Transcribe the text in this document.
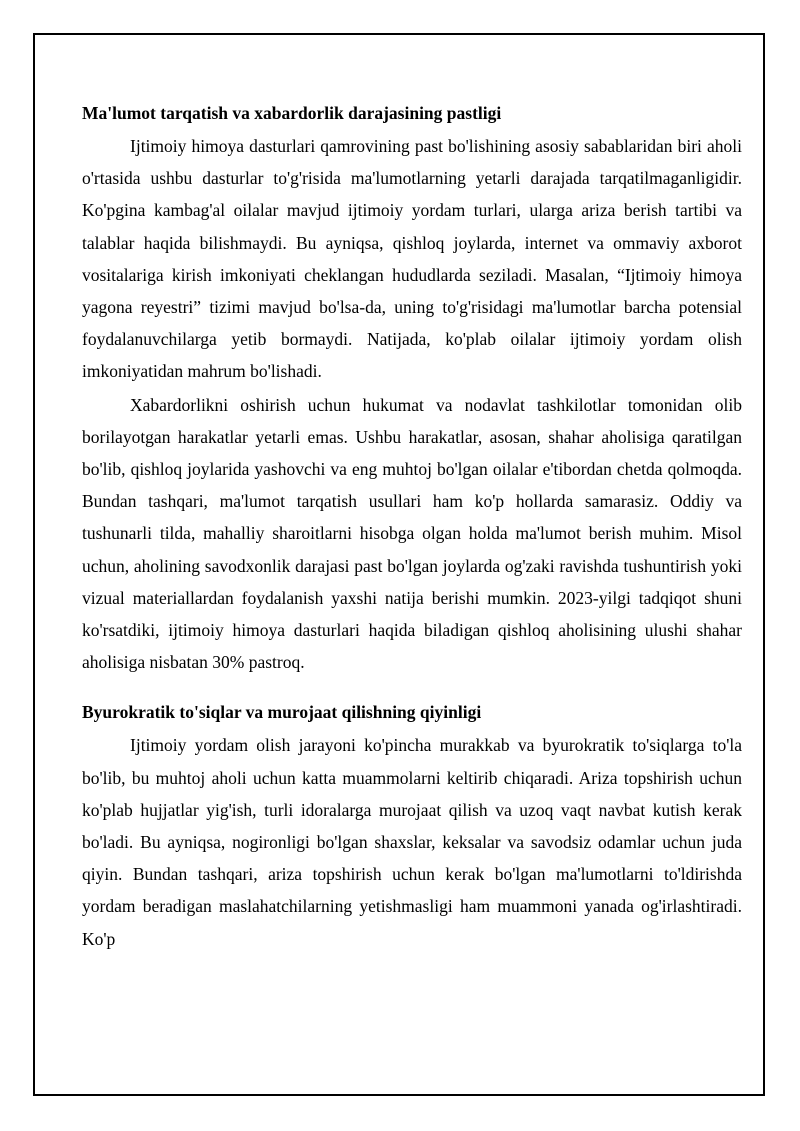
Ma'lumot tarqatish va xabardorlik darajasining pastligi

Ijtimoiy himoya dasturlari qamrovining past bo'lishining asosiy sabablaridan biri aholi o'rtasida ushbu dasturlar to'g'risida ma'lumotlarning yetarli darajada tarqatilmaganligidir. Ko'pgina kambag'al oilalar mavjud ijtimoiy yordam turlari, ularga ariza berish tartibi va talablar haqida bilishmaydi. Bu ayniqsa, qishloq joylarda, internet va ommaviy axborot vositalariga kirish imkoniyati cheklangan hududlarda seziladi. Masalan, “Ijtimoiy himoya yagona reyestri” tizimi mavjud bo'lsa-da, uning to'g'risidagi ma'lumotlar barcha potensial foydalanuvchilarga yetib bormaydi. Natijada, ko'plab oilalar ijtimoiy yordam olish imkoniyatidan mahrum bo'lishadi.

Xabardorlikni oshirish uchun hukumat va nodavlat tashkilotlar tomonidan olib borilayotgan harakatlar yetarli emas. Ushbu harakatlar, asosan, shahar aholisiga qaratilgan bo'lib, qishloq joylarida yashovchi va eng muhtoj bo'lgan oilalar e'tibordan chetda qolmoqda. Bundan tashqari, ma'lumot tarqatish usullari ham ko'p hollarda samarasiz. Oddiy va tushunarli tilda, mahalliy sharoitlarni hisobga olgan holda ma'lumot berish muhim. Misol uchun, aholining savodxonlik darajasi past bo'lgan joylarda og'zaki ravishda tushuntirish yoki vizual materiallardan foydalanish yaxshi natija berishi mumkin. 2023-yilgi tadqiqot shuni ko'rsatdiki, ijtimoiy himoya dasturlari haqida biladigan qishloq aholisining ulushi shahar aholisiga nisbatan 30% pastroq.

Byurokratik to'siqlar va murojaat qilishning qiyinligi

Ijtimoiy yordam olish jarayoni ko'pincha murakkab va byurokratik to'siqlarga to'la bo'lib, bu muhtoj aholi uchun katta muammolarni keltirib chiqaradi. Ariza topshirish uchun ko'plab hujjatlar yig'ish, turli idoralarga murojaat qilish va uzoq vaqt navbat kutish kerak bo'ladi. Bu ayniqsa, nogironligi bo'lgan shaxslar, keksalar va savodsiz odamlar uchun juda qiyin. Bundan tashqari, ariza topshirish uchun kerak bo'lgan ma'lumotlarni to'ldirishda yordam beradigan maslahatchilarning yetishmasligi ham muammoni yanada og'irlashtiradi. Ko'p
